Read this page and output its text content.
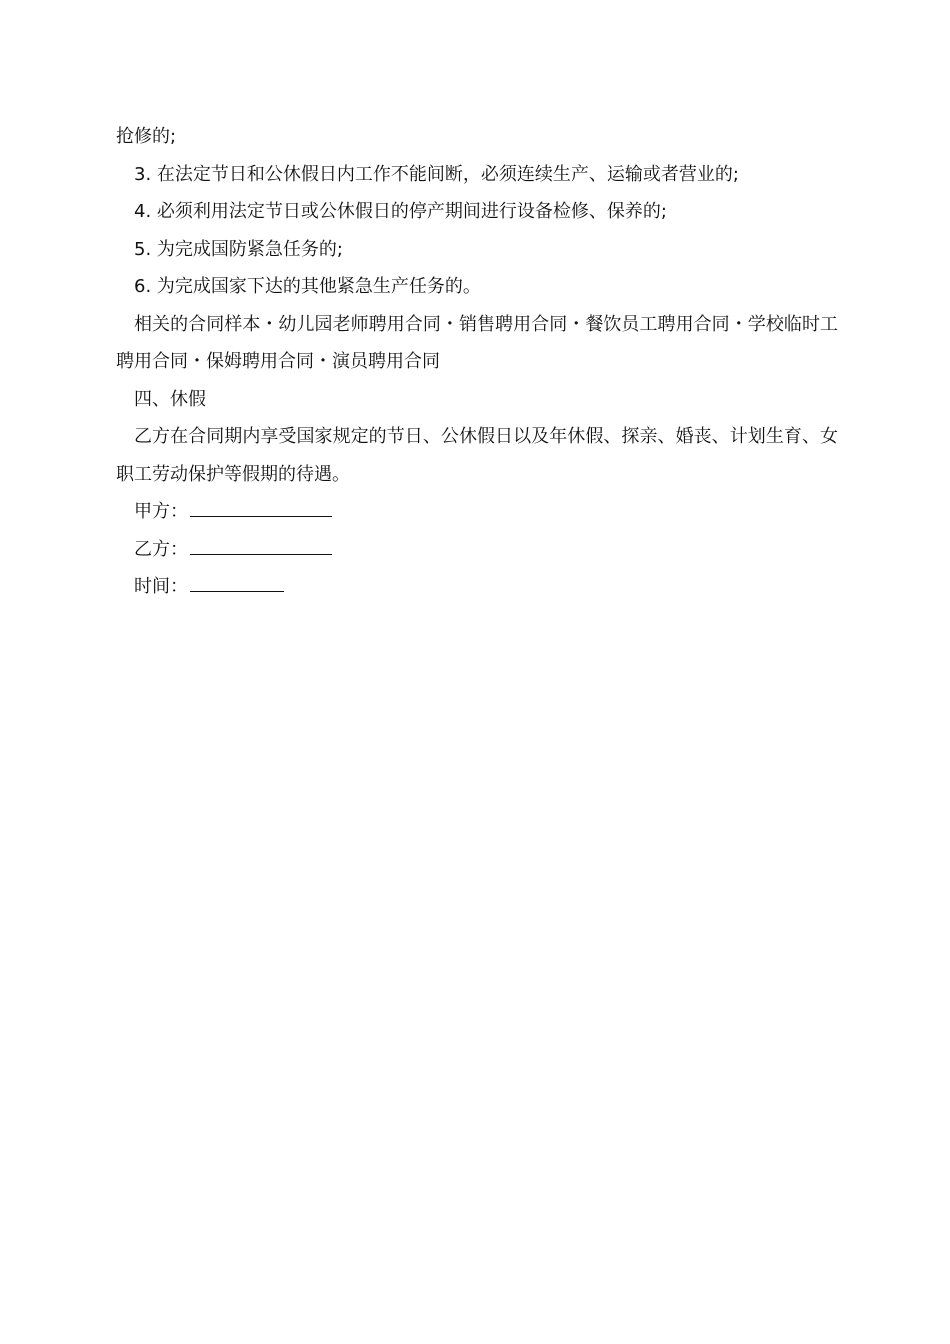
抢修的;

3. 在法定节日和公休假日内工作不能间断，必须连续生产、运输或者营业的;

4. 必须利用法定节日或公休假日的停产期间进行设备检修、保养的;

5. 为完成国防紧急任务的;

6. 为完成国家下达的其他紧急生产任务的。

相关的合同样本・幼儿园老师聘用合同・销售聘用合同・餐饮员工聘用合同・学校临时工聘用合同・保姆聘用合同・演员聘用合同

四、休假

乙方在合同期内享受国家规定的节日、公休假日以及年休假、探亲、婚丧、计划生育、女职工劳动保护等假期的待遇。

甲方：

乙方：

时间：
